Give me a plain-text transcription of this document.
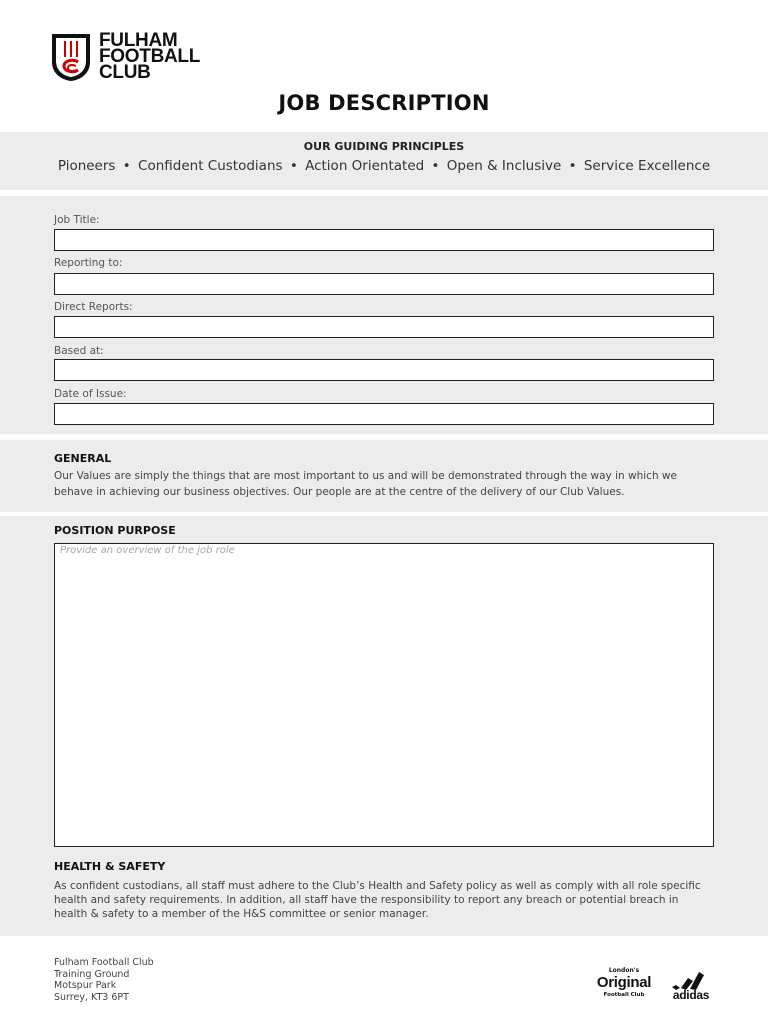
FULHAM
FOOTBALL
CLUB
JOB DESCRIPTION
OUR GUIDING PRINCIPLES
Pioneers • Confident Custodians • Action Orientated • Open & Inclusive • Service Excellence
Job Title:
Reporting to:
Direct Reports:
Based at:
Date of Issue:
GENERAL
Our Values are simply the things that are most important to us and will be demonstrated through the way in which we behave in achieving our business objectives. Our people are at the centre of the delivery of our Club Values.
POSITION PURPOSE
Provide an overview of the job role
HEALTH & SAFETY
As confident custodians, all staff must adhere to the Club’s Health and Safety policy as well as comply with all role specific health and safety requirements. In addition, all staff have the responsibility to report any breach or potential breach in health & safety to a member of the H&S committee or senior manager.
Fulham Football Club
Training Ground
Motspur Park
Surrey, KT3 6PT
London's
Original
Football Club	adidas
